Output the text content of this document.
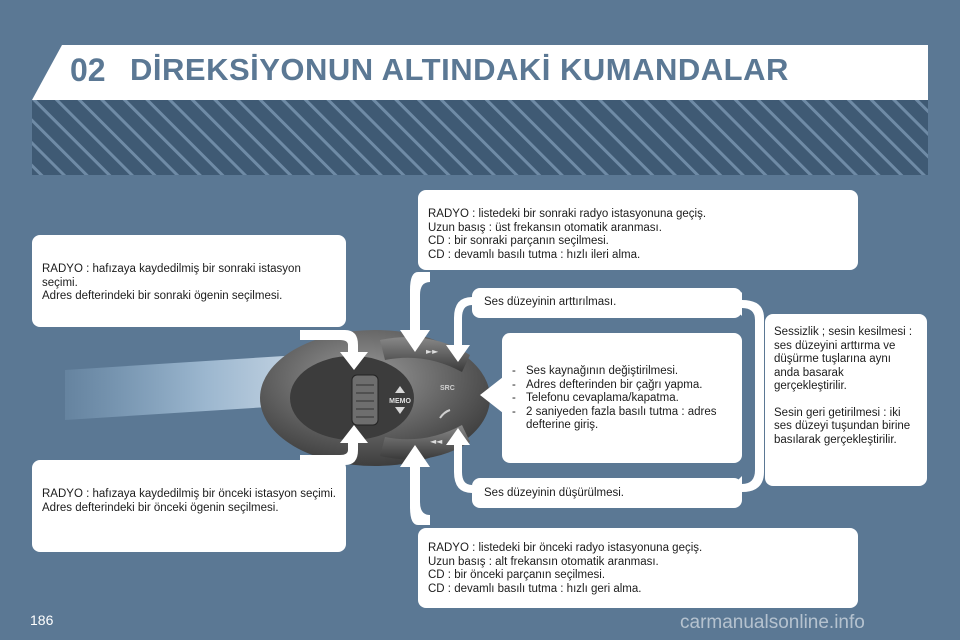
02 DİREKSİYONUN ALTINDAKİ KUMANDALAR
MEMO
►►
◄◄
SRC

RADYO : listedeki bir sonraki radyo istasyonuna geçiş.

Uzun basış : üst frekansın otomatik aranması.

CD : bir sonraki parçanın seçilmesi.

CD : devamlı basılı tutma : hızlı ileri alma.

RADYO : hafızaya kaydedilmiş bir sonraki istasyon seçimi.

Adres defterindeki bir sonraki ögenin seçilmesi.	Ses düzeyinin arttırılması.

- Ses kaynağının değiştirilmesi.
- Adres defterinden bir çağrı yapma.
- Telefonu cevaplama/kapatma.
- 2 saniyeden fazla basılı tutma : adres defterine giriş.

Sessizlik ; sesin kesilmesi : ses düzeyini arttırma ve düşürme tuşlarına aynı anda basarak gerçekleştirilir.

Sesin geri getirilmesi : iki ses düzeyi tuşundan birine basılarak gerçekleştirilir.

Ses düzeyinin düşürülmesi.

RADYO : hafızaya kaydedilmiş bir önceki istasyon seçimi.

Adres defterindeki bir önceki ögenin seçilmesi.

RADYO : listedeki bir önceki radyo istasyonuna geçiş.

Uzun basış : alt frekansın otomatik aranması.

CD : bir önceki parçanın seçilmesi.

CD : devamlı basılı tutma : hızlı geri alma.

186	carmanualsonline.info
